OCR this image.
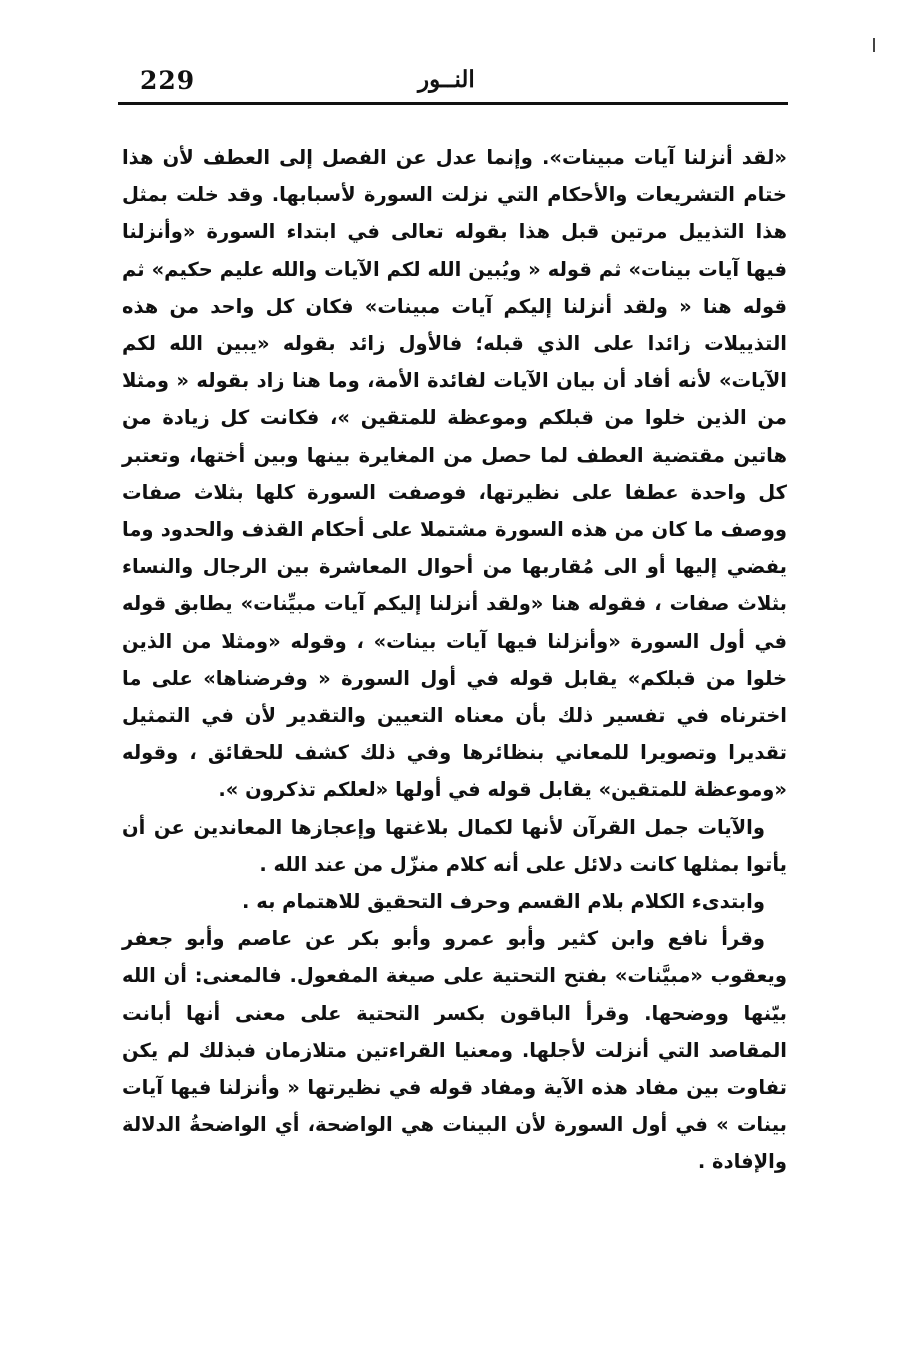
229	النــور

«لقد أنزلنا آيات مبينات». وإنما عدل عن الفصل إلى العطف لأن هذا ختام التشريعات والأحكام التي نزلت السورة لأسبابها. وقد خلت بمثل هذا التذييل مرتين قبل هذا بقوله تعالى في ابتداء السورة «وأنزلنا فيها آيات بينات» ثم قوله « ويُبين الله لكم الآيات والله عليم حكيم» ثم قوله هنا « ولقد أنزلنا إليكم آيات مبينات» فكان كل واحد من هذه التذييلات زائدا على الذي قبله؛ فالأول زائد بقوله «يبين الله لكم الآيات» لأنه أفاد أن بيان الآيات لفائدة الأمة، وما هنا زاد بقوله « ومثلا من الذين خلوا من قبلكم وموعظة للمتقين »، فكانت كل زيادة من هاتين مقتضية العطف لما حصل من المغايرة بينها وبين أختها، وتعتبر كل واحدة عطفا على نظيرتها، فوصفت السورة كلها بثلاث صفات ووصف ما كان من هذه السورة مشتملا على أحكام القذف والحدود وما يفضي إليها أو الى مُقاربها من أحوال المعاشرة بين الرجال والنساء بثلاث صفات ، فقوله هنا «ولقد أنزلنا إليكم آيات مبيِّنات» يطابق قوله في أول السورة «وأنزلنا فيها آيات بينات» ، وقوله «ومثلا من الذين خلوا من قبلكم» يقابل قوله في أول السورة « وفرضناها» على ما اخترناه في تفسير ذلك بأن معناه التعيين والتقدير لأن في التمثيل تقديرا وتصويرا للمعاني بنظائرها وفي ذلك كشف للحقائق ، وقوله «وموعظة للمتقين» يقابل قوله في أولها «لعلكم تذكرون ».

والآيات جمل القرآن لأنها لكمال بلاغتها وإعجازها المعاندين عن أن يأتوا بمثلها كانت دلائل على أنه كلام منزّل من عند الله .

وابتدىء الكلام بلام القسم وحرف التحقيق للاهتمام به .

وقرأ نافع وابن كثير وأبو عمرو وأبو بكر عن عاصم وأبو جعفر ويعقوب «مبيَّنات» بفتح التحتية على صيغة المفعول. فالمعنى: أن الله بيّنها ووضحها. وقرأ الباقون بكسر التحتية على معنى أنها أبانت المقاصد التي أنزلت لأجلها. ومعنيا القراءتين متلازمان فبذلك لم يكن تفاوت بين مفاد هذه الآية ومفاد قوله في نظيرتها « وأنزلنا فيها آيات بينات » في أول السورة لأن البينات هي الواضحة، أي الواضحةُ الدلالة والإفادة .
